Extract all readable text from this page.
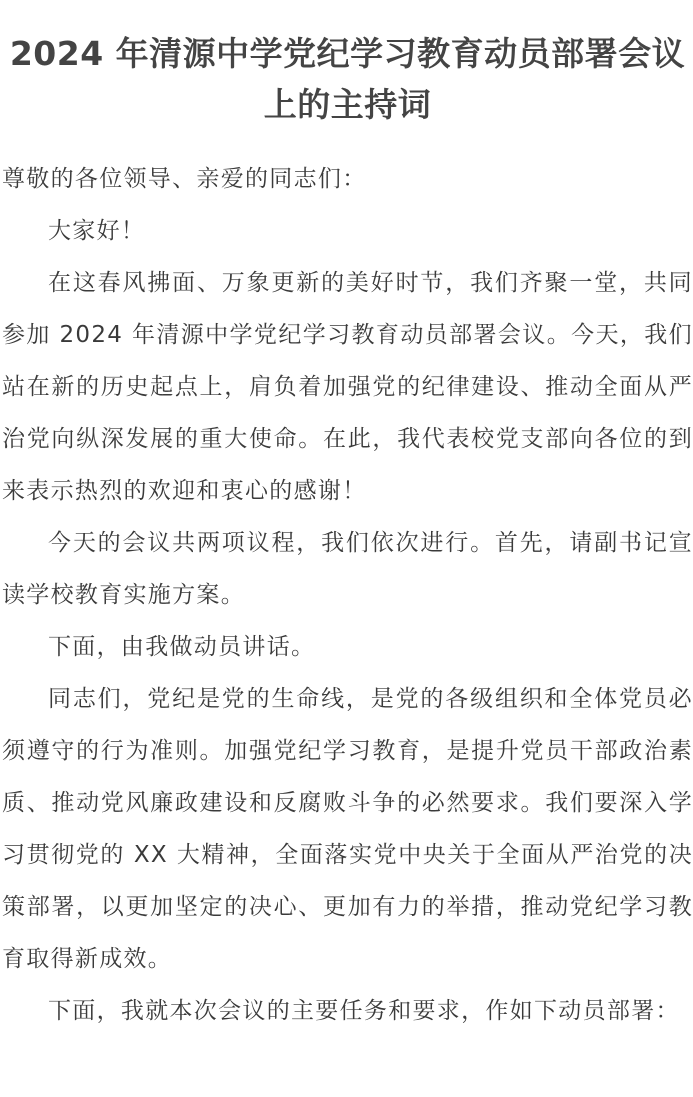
2024 年清源中学党纪学习教育动员部署会议上的主持词

尊敬的各位领导、亲爱的同志们：

大家好！

在这春风拂面、万象更新的美好时节，我们齐聚一堂，共同参加 2024 年清源中学党纪学习教育动员部署会议。今天，我们站在新的历史起点上，肩负着加强党的纪律建设、推动全面从严治党向纵深发展的重大使命。在此，我代表校党支部向各位的到来表示热烈的欢迎和衷心的感谢！

今天的会议共两项议程，我们依次进行。首先，请副书记宣读学校教育实施方案。

下面，由我做动员讲话。

同志们，党纪是党的生命线，是党的各级组织和全体党员必须遵守的行为准则。加强党纪学习教育，是提升党员干部政治素质、推动党风廉政建设和反腐败斗争的必然要求。我们要深入学习贯彻党的 XX 大精神，全面落实党中央关于全面从严治党的决策部署，以更加坚定的决心、更加有力的举措，推动党纪学习教育取得新成效。

下面，我就本次会议的主要任务和要求，作如下动员部署：
